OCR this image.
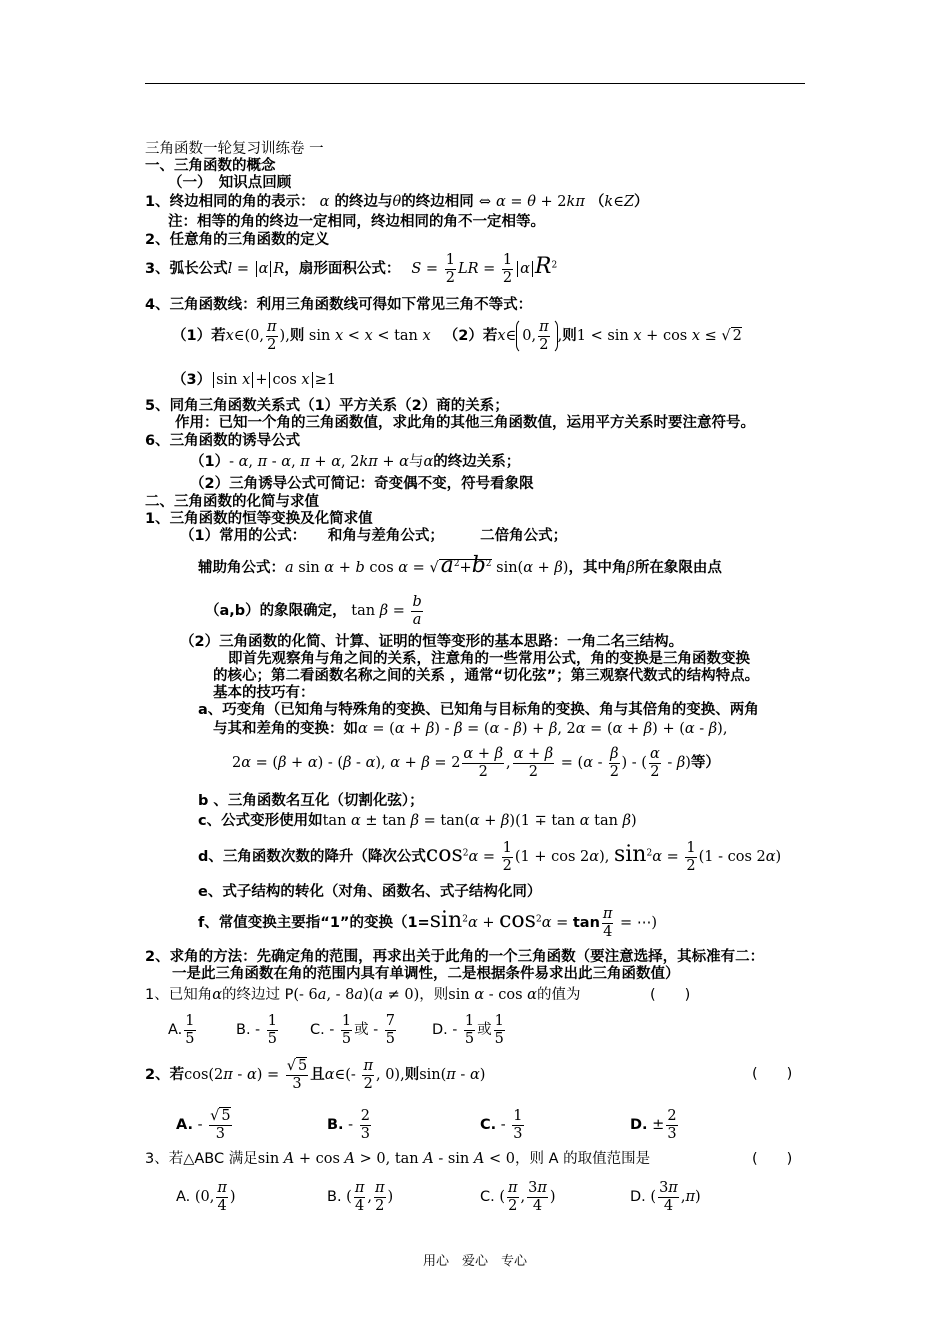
三角函数一轮复习训练卷 一
一、三角函数的概念
（一）　知识点回顾
1、终边相同的角的表示： α 的终边与θ的终边相同 ⇔ α = θ + 2kπ （k∈Z）
注：相等的角的终边一定相同，终边相同的角不一定相等。
2、任意角的三角函数的定义
3、弧长公式l = α R，扇形面积公式： $S = \frac{1}{2}$ LR = $\frac{1}{2}$ α $R^2$
4、三角函数线：利用三角函数线可得如下常见三角不等式：
（1）若x∈(0, $\frac{\pi}{2}$ ),则 sin x < x < tan x （2）若x∈ 0, $\frac{\pi}{2}$ ,则1 < sin x + cos x ≤ √ 2
（3） sin x + cos x ≥1
5、同角三角函数关系式（1）平方关系（2）商的关系；
作用：已知一个角的三角函数值，求此角的其他三角函数值，运用平方关系时要注意符号。
6、三角函数的诱导公式
（1）- α, π - α, π + α, 2kπ + α与α的终边关系；
（2）三角诱导公式可简记：奇变偶不变，符号看象限
二、三角函数的化简与求值
1、三角函数的恒等变换及化简求值
（1）常用的公式：　　和角与差角公式；　　　二倍角公式；
辅助角公式：a sin α + b $\cos \alpha = √a^2+b^2$ sin(α + β)，其中角β所在象限由点
（a,b）的象限确定， $\tan \beta = \frac{b}{a}$
（2）三角函数的化简、计算、证明的恒等变形的基本思路：一角二名三结构。
即首先观察角与角之间的关系，注意角的一些常用公式，角的变换是三角函数变换
的核心；第二看函数名称之间的关系 ，通常“切化弦”；第三观察代数式的结构特点。
基本的技巧有：
a、巧变角（已知角与特殊角的变换、已知角与目标角的变换、角与其倍角的变换、两角
与其和差角的变换：如α = (α + β) - β = (α - β) + β, 2α = (α + β) + (α - β),
2α = (β + α) - (β - α), $\alpha + \beta = 2 \frac{\alpha + \beta}{2}$ , $\frac{\alpha + \beta}{2} = (\alpha - \frac{\beta}{2}$ ) - ( $\frac{\alpha}{2} - \beta$)等）
b 、三角函数名互化（切割化弦）；
c、公式变形使用如tan α ± tan β = tan(α + β)(1 ∓ tan α tan β)
d、三角函数次数的降升（降次公式$\cos^2\alpha = \frac{1}{2} (1 + \cos 2\alpha)$, $\sin^2\alpha = \frac{1}{2} (1 - \cos 2\alpha)$
e、式子结构的转化（对角、函数名、式子结构化同）
f、常值变换主要指“1”的变换（$1=\sin^2\alpha + \cos^2\alpha = \tan \frac{\pi}{4}$ = ⋯)
2、求角的方法：先确定角的范围，再求出关于此角的一个三角函数（要注意选择，其标准有二：
一是此三角函数在角的范围内具有单调性，二是根据条件易求出此三角函数值）
1、已知角α的终边过 P(- 6a, - 8a)(a ≠ 0)，则sin α - cos α的值为	(　　)
A. $\frac{1}{5}$	B. - $\frac{1}{5} C$. - $\frac{1}{5}$ 或 - $\frac{7}{5} D$. - $\frac{1}{5}$ 或 $\frac{1}{5}$
2、若$\cos(2\pi - \alpha) = \frac{√ 5}{3}$ 且α∈(- $\frac{\pi}{2}$ , 0),则sin(π - α)	(　　)
A. - $\frac{√ 5}{3}$	B. - $\frac{2}{3}$	C. - $\frac{1}{3}$	D. ± $\frac{2}{3}$
3、若△ABC 满足sin A + cos A > 0, tan A - sin A < 0，则 A 的取值范围是	(　　)
A. (0, $\frac{\pi}{4}$ )	B. ( $\frac{\pi}{4}$ , $\frac{\pi}{2}$ )	C. ( $\frac{\pi}{2}$ , $\frac{3\pi}{4}$ )	D. ( $\frac{3\pi}{4} ,\pi$)
用心　爱心　专心
